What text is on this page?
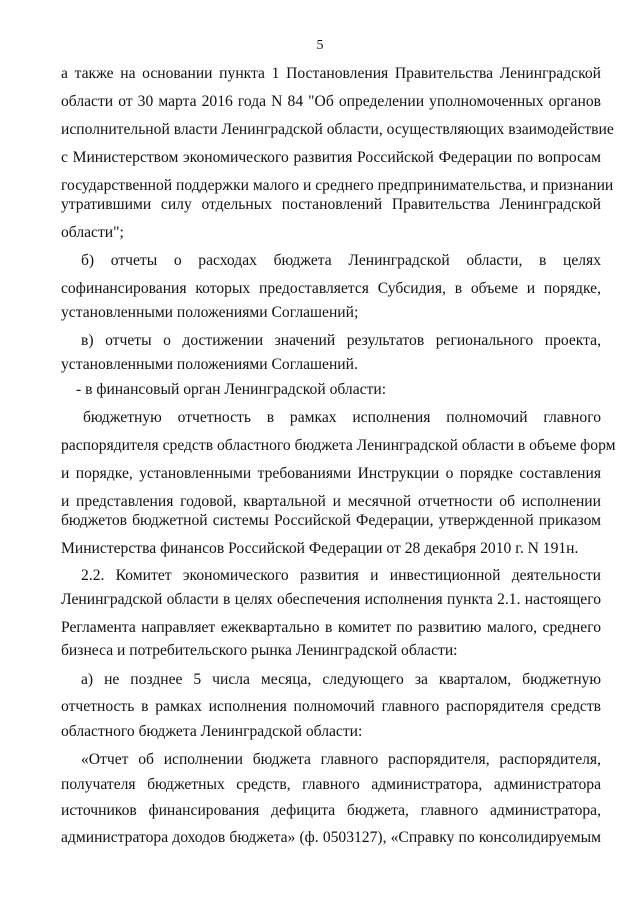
5
а также на основании пункта 1 Постановления Правительства Ленинградской
области от 30 марта 2016 года N 84 "Об определении уполномоченных органов
исполнительной власти Ленинградской области, осуществляющих взаимодействие
с Министерством экономического развития Российской Федерации по вопросам
государственной поддержки малого и среднего предпринимательства, и признании
утратившими силу отдельных постановлений Правительства Ленинградской
области";
б) отчеты о расходах бюджета Ленинградской области, в целях
софинансирования которых предоставляется Субсидия, в объеме и порядке,
установленными положениями Соглашений;
в) отчеты о достижении значений результатов регионального проекта,
установленными положениями Соглашений.
- в финансовый орган Ленинградской области:
бюджетную отчетность в рамках исполнения полномочий главного
распорядителя средств областного бюджета Ленинградской области в объеме форм
и порядке, установленными требованиями Инструкции о порядке составления
и представления годовой, квартальной и месячной отчетности об исполнении
бюджетов бюджетной системы Российской Федерации, утвержденной приказом
Министерства финансов Российской Федерации от 28 декабря 2010 г. N 191н.
2.2. Комитет экономического развития и инвестиционной деятельности
Ленинградской области в целях обеспечения исполнения пункта 2.1. настоящего
Регламента направляет ежеквартально в комитет по развитию малого, среднего
бизнеса и потребительского рынка Ленинградской области:
а) не позднее 5 числа месяца, следующего за кварталом, бюджетную
отчетность в рамках исполнения полномочий главного распорядителя средств
областного бюджета Ленинградской области:
«Отчет об исполнении бюджета главного распорядителя, распорядителя,
получателя бюджетных средств, главного администратора, администратора
источников финансирования дефицита бюджета, главного администратора,
администратора доходов бюджета» (ф. 0503127), «Справку по консолидируемым
